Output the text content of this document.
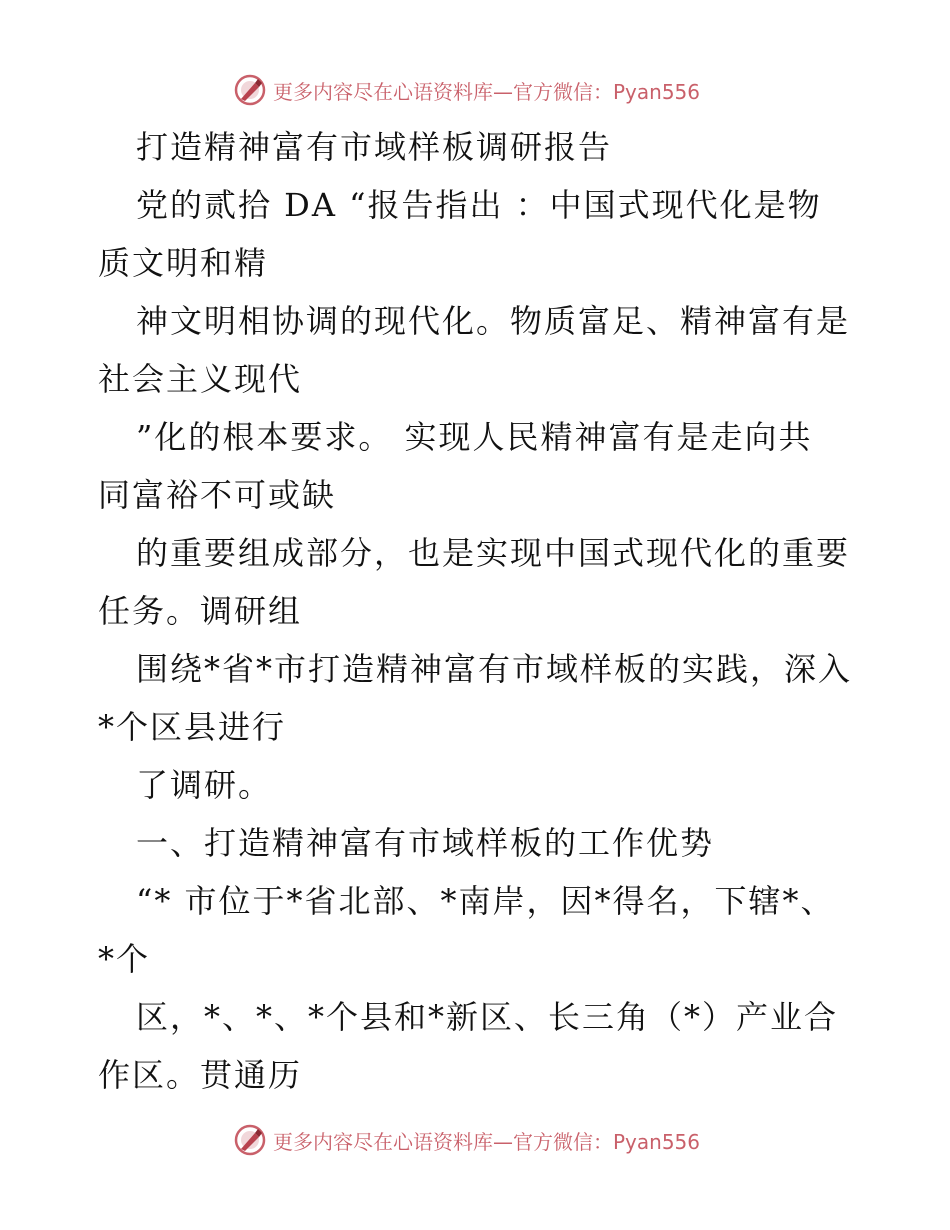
更多内容尽在心语资料库—官方微信：Pyan556
打造精神富有市域样板调研报告
党的贰拾 DA “报告指出 ：中国式现代化是物
质文明和精
神文明相协调的现代化。物质富足、精神富有是
社会主义现代
”化的根本要求。 实现人民精神富有是走向共
同富裕不可或缺
的重要组成部分，也是实现中国式现代化的重要
任务。调研组
围绕*省*市打造精神富有市域样板的实践，深入
*个区县进行
了调研。
一、打造精神富有市域样板的工作优势
“* 市位于*省北部、*南岸，因*得名，下辖*、
*个
区，*、*、*个县和*新区、长三角（*）产业合
作区。贯通历
更多内容尽在心语资料库—官方微信：Pyan556
